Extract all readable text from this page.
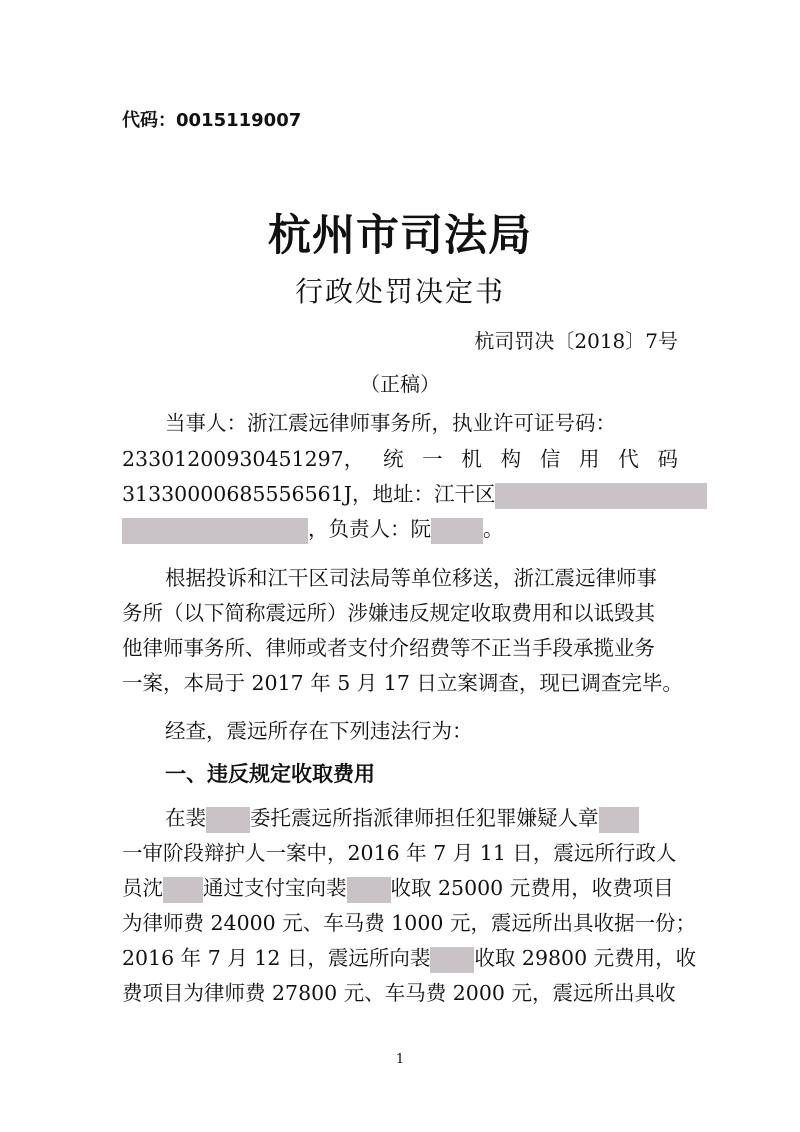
代码：0015119007
杭州市司法局
行政处罚决定书
杭司罚决〔2018〕7号
（正稿）
当事人：浙江震远律师事务所，执业许可证号码：
23301200930451297， 统 一 机 构 信 用 代 码
31330000685556561J，地址：江干区
，负责人：阮	。
根据投诉和江干区司法局等单位移送，浙江震远律师事
务所（以下简称震远所）涉嫌违反规定收取费用和以诋毁其
他律师事务所、律师或者支付介绍费等不正当手段承揽业务
一案，本局于 2017 年 5 月 17 日立案调查，现已调查完毕。
经查，震远所存在下列违法行为：
一、违反规定收取费用
在裴 委托震远所指派律师担任犯罪嫌疑人章
一审阶段辩护人一案中，2016 年 7 月 11 日，震远所行政人
员沈 通过支付宝向裴 收取 25000 元费用，收费项目
为律师费 24000 元、车马费 1000 元，震远所出具收据一份；
2016 年 7 月 12 日，震远所向裴 收取 29800 元费用，收
费项目为律师费 27800 元、车马费 2000 元，震远所出具收
1
